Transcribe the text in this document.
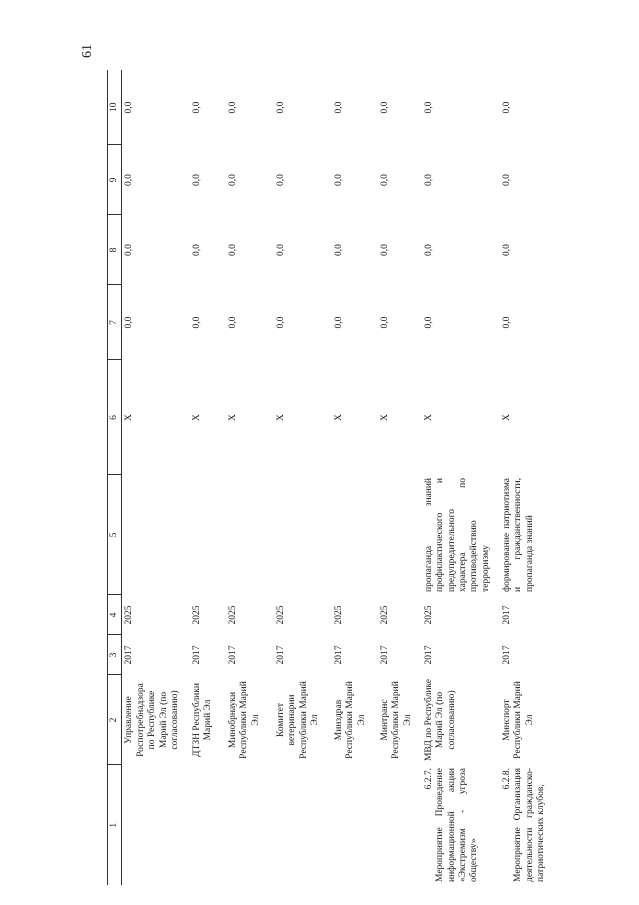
61
1	2	3	4	5	6	7	8	9	10

	Управление Роспотребнадзора по Республике Марий Эл (по согласованию)	2017	2025		Х	0,0	0,0	0,0	0,0

	ДТЗН Республики Марий Эл	2017	2025		Х	0,0	0,0	0,0	0,0

	Минобрнауки Республики Марий Эл	2017	2025		Х	0,0	0,0	0,0	0,0

	Комитет ветеринарии Республики Марий Эл	2017	2025		Х	0,0	0,0	0,0	0,0

	Минздрав Республики Марий Эл	2017	2025		Х	0,0	0,0	0,0	0,0

	Минтранс Республики Марий Эл	2017	2025		Х	0,0	0,0	0,0	0,0

6.2.7. Мероприятие Проведение информационной акции «Экстремизм - угроза обществу»	МВД по Республике Марий Эл (по согласованию)	2017	2025	пропаганда знаний профилактического и предупредительного характера по противодействию терроризму	Х	0,0	0,0	0,0	0,0

6.2.8. Мероприятие Организация деятельности гражданско-патриотических клубов,	Минспорт Республики Марий Эл	2017	2017	формирование патриотизма и гражданственности, пропаганда знаний	Х	0,0	0,0	0,0	0,0
